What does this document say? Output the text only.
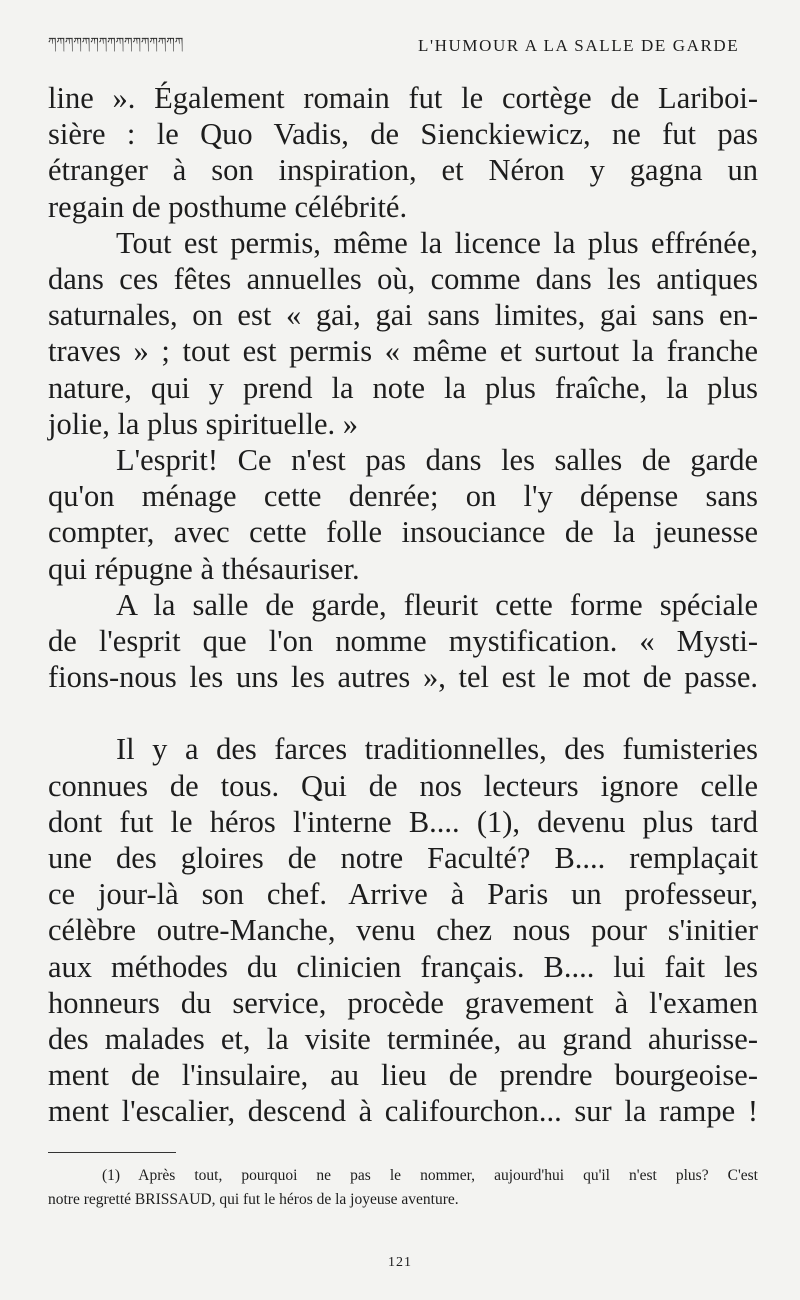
ཀཀཀཀཀཀཀཀཀཀཀཀཀཀཀཀ	L'HUMOUR A LA SALLE DE GARDE
line ». Également romain fut le cortège de Lariboi-
sière : le Quo Vadis, de Sienckiewicz, ne fut pas
étranger à son inspiration, et Néron y gagna un
regain de posthume célébrité.
Tout est permis, même la licence la plus effrénée,
dans ces fêtes annuelles où, comme dans les antiques
saturnales, on est « gai, gai sans limites, gai sans en-
traves » ; tout est permis « même et surtout la franche
nature, qui y prend la note la plus fraîche, la plus
jolie, la plus spirituelle. »
L'esprit! Ce n'est pas dans les salles de garde
qu'on ménage cette denrée; on l'y dépense sans
compter, avec cette folle insouciance de la jeunesse
qui répugne à thésauriser.
A la salle de garde, fleurit cette forme spéciale
de l'esprit que l'on nomme mystification. « Mysti-
fions-nous les uns les autres », tel est le mot de passe.
Il y a des farces traditionnelles, des fumisteries
connues de tous. Qui de nos lecteurs ignore celle
dont fut le héros l'interne B.... (1), devenu plus tard
une des gloires de notre Faculté? B.... remplaçait
ce jour-là son chef. Arrive à Paris un professeur,
célèbre outre-Manche, venu chez nous pour s'initier
aux méthodes du clinicien français. B.... lui fait les
honneurs du service, procède gravement à l'examen
des malades et, la visite terminée, au grand ahurisse-
ment de l'insulaire, au lieu de prendre bourgeoise-
ment l'escalier, descend à califourchon... sur la rampe !
(1) Après tout, pourquoi ne pas le nommer, aujourd'hui qu'il n'est plus? C'est
notre regretté BRISSAUD, qui fut le héros de la joyeuse aventure.
121
